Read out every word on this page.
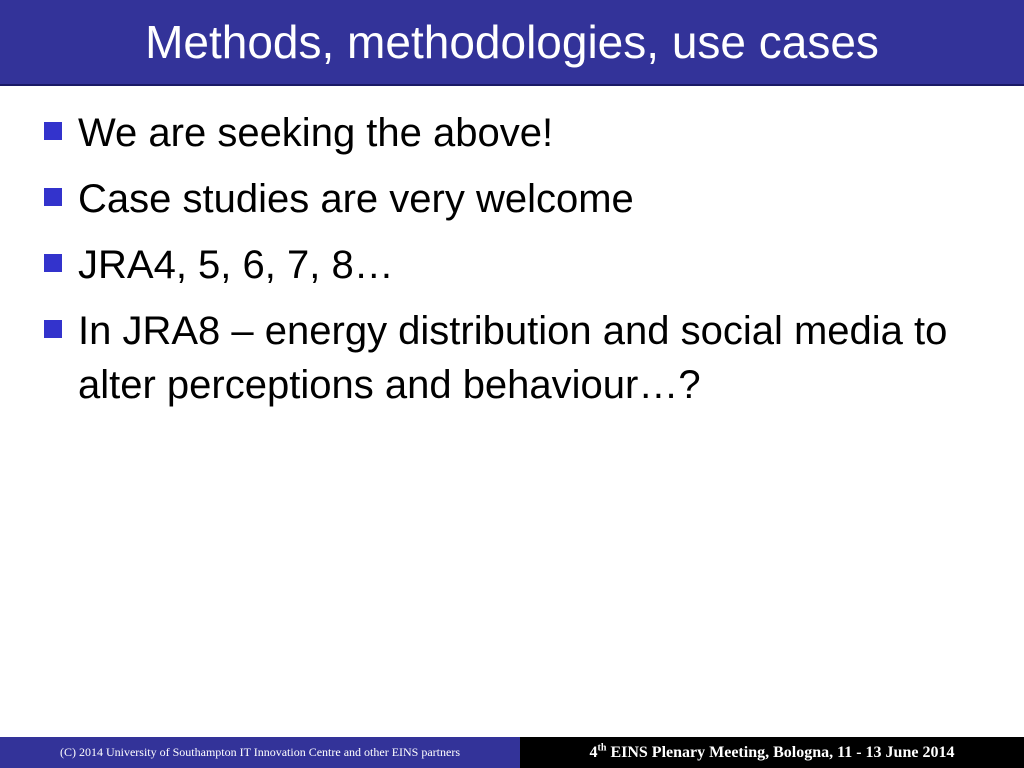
Methods, methodologies, use cases
We are seeking the above!
Case studies are very welcome
JRA4, 5, 6, 7, 8…
In JRA8 – energy distribution and social media to alter perceptions and behaviour…?
(C) 2014 University of Southampton IT Innovation Centre and other EINS partners	4th EINS Plenary Meeting, Bologna, 11 - 13 June 2014
